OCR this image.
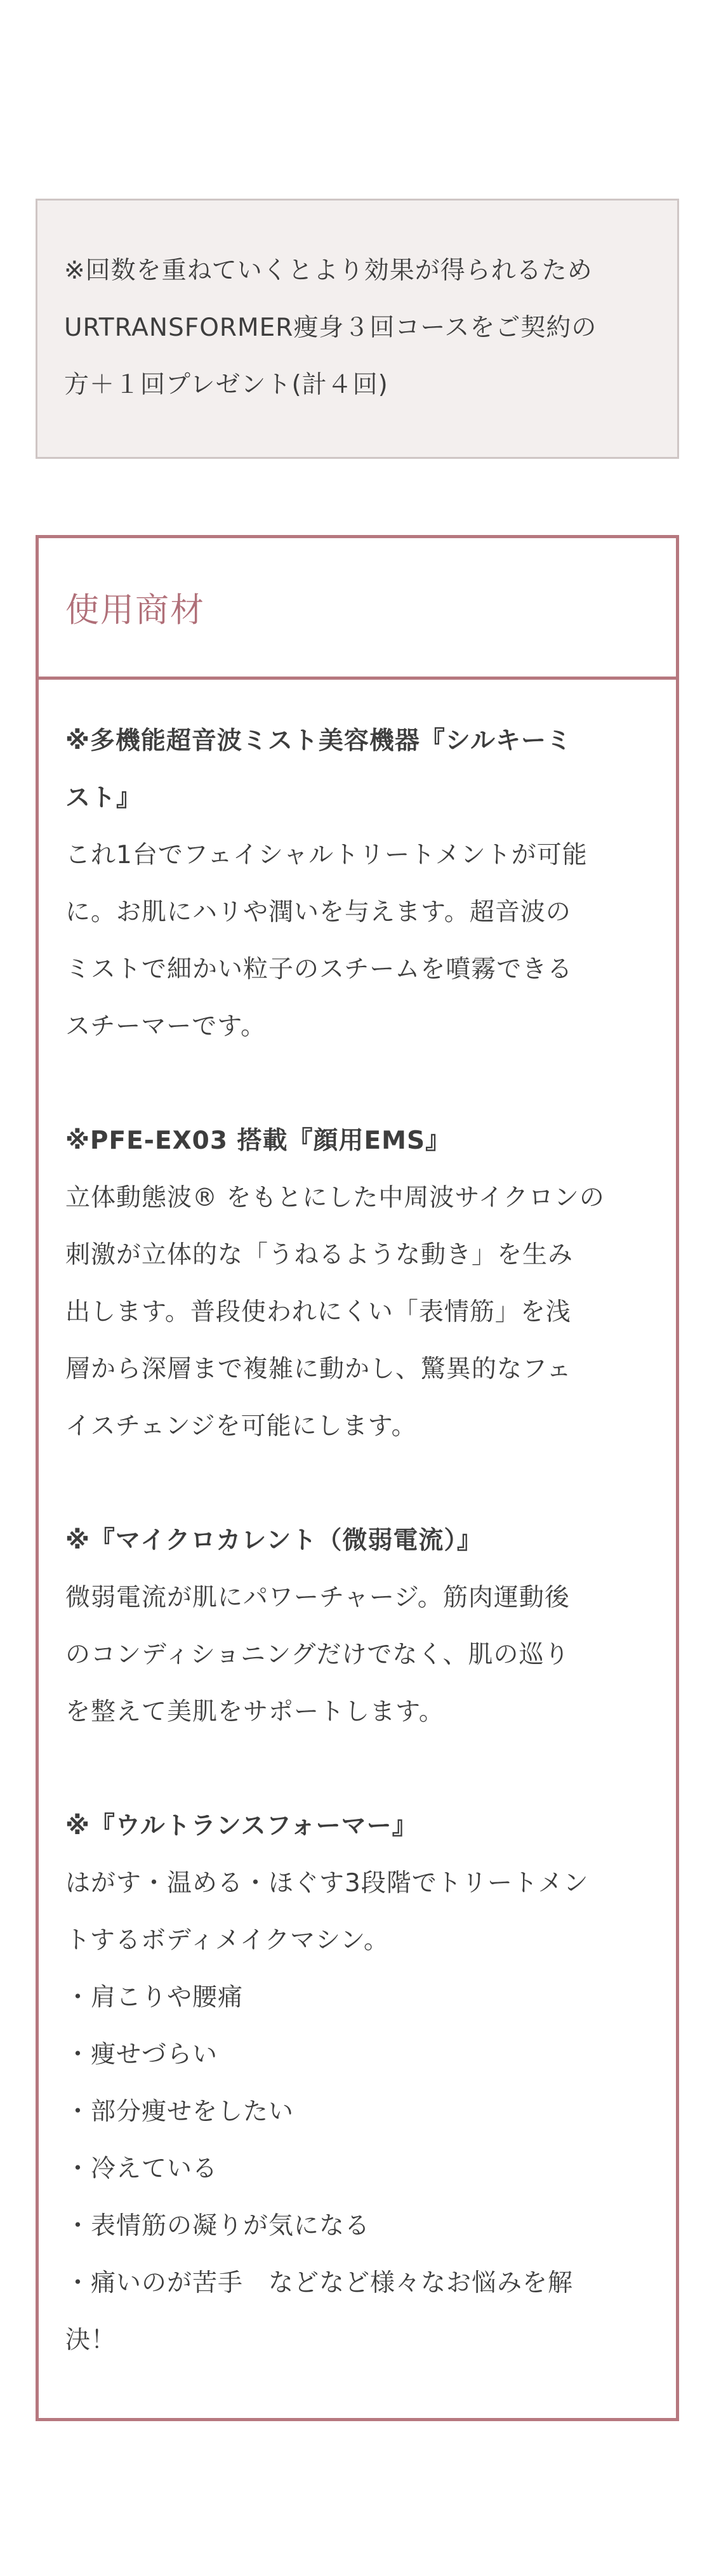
※回数を重ねていくとより効果が得られるため
URTRANSFORMER痩身３回コースをご契約の
方＋１回プレゼント(計４回)
使用商材
※多機能超音波ミスト美容機器『シルキーミ
スト』
これ1台でフェイシャルトリートメントが可能
に。お肌にハリや潤いを与えます。超音波の
ミストで細かい粒子のスチームを噴霧できる
スチーマーです。
※PFE-EX03 搭載『顔用EMS』
立体動態波® をもとにした中周波サイクロンの
刺激が立体的な「うねるような動き」を生み
出します。普段使われにくい「表情筋」を浅
層から深層まで複雑に動かし、驚異的なフェ
イスチェンジを可能にします。
※『マイクロカレント（微弱電流）』
微弱電流が肌にパワーチャージ。筋肉運動後
のコンディショニングだけでなく、肌の巡り
を整えて美肌をサポートします。
※『ウルトランスフォーマー』
はがす・温める・ほぐす3段階でトリートメン
トするボディメイクマシン。
・肩こりや腰痛
・痩せづらい
・部分痩せをしたい
・冷えている
・表情筋の凝りが気になる
・痛いのが苦手　などなど様々なお悩みを解
決！
